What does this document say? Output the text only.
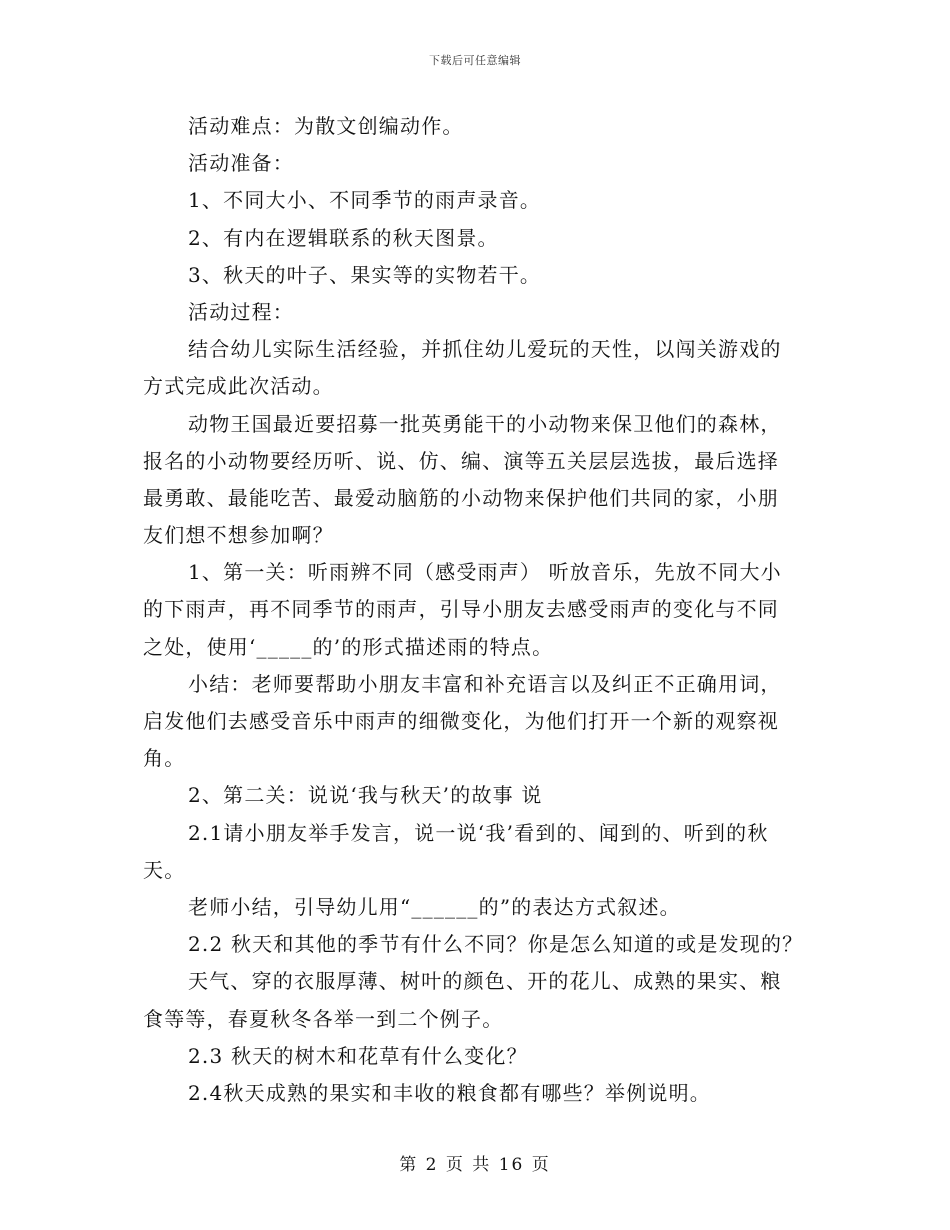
下载后可任意编辑
活动难点：为散文创编动作。
活动准备：
1、不同大小、不同季节的雨声录音。
2、有内在逻辑联系的秋天图景。
3、秋天的叶子、果实等的实物若干。
活动过程：
结合幼儿实际生活经验，并抓住幼儿爱玩的天性，以闯关游戏的
方式完成此次活动。
动物王国最近要招募一批英勇能干的小动物来保卫他们的森林，
报名的小动物要经历听、说、仿、编、演等五关层层选拔，最后选择
最勇敢、最能吃苦、最爱动脑筋的小动物来保护他们共同的家，小朋
友们想不想参加啊？
1、第一关：听雨辨不同（感受雨声） 听放音乐，先放不同大小
的下雨声，再不同季节的雨声，引导小朋友去感受雨声的变化与不同
之处，使用‘_____的’的形式描述雨的特点。
小结：老师要帮助小朋友丰富和补充语言以及纠正不正确用词，
启发他们去感受音乐中雨声的细微变化，为他们打开一个新的观察视
角。
2、第二关：说说‘我与秋天’的故事 说
2.1请小朋友举手发言，说一说‘我’看到的、闻到的、听到的秋
天。
老师小结，引导幼儿用“______的”的表达方式叙述。
2.2 秋天和其他的季节有什么不同？你是怎么知道的或是发现的？
天气、穿的衣服厚薄、树叶的颜色、开的花儿、成熟的果实、粮
食等等，春夏秋冬各举一到二个例子。
2.3 秋天的树木和花草有什么变化？
2.4秋天成熟的果实和丰收的粮食都有哪些？举例说明。
第 2 页 共 16 页
